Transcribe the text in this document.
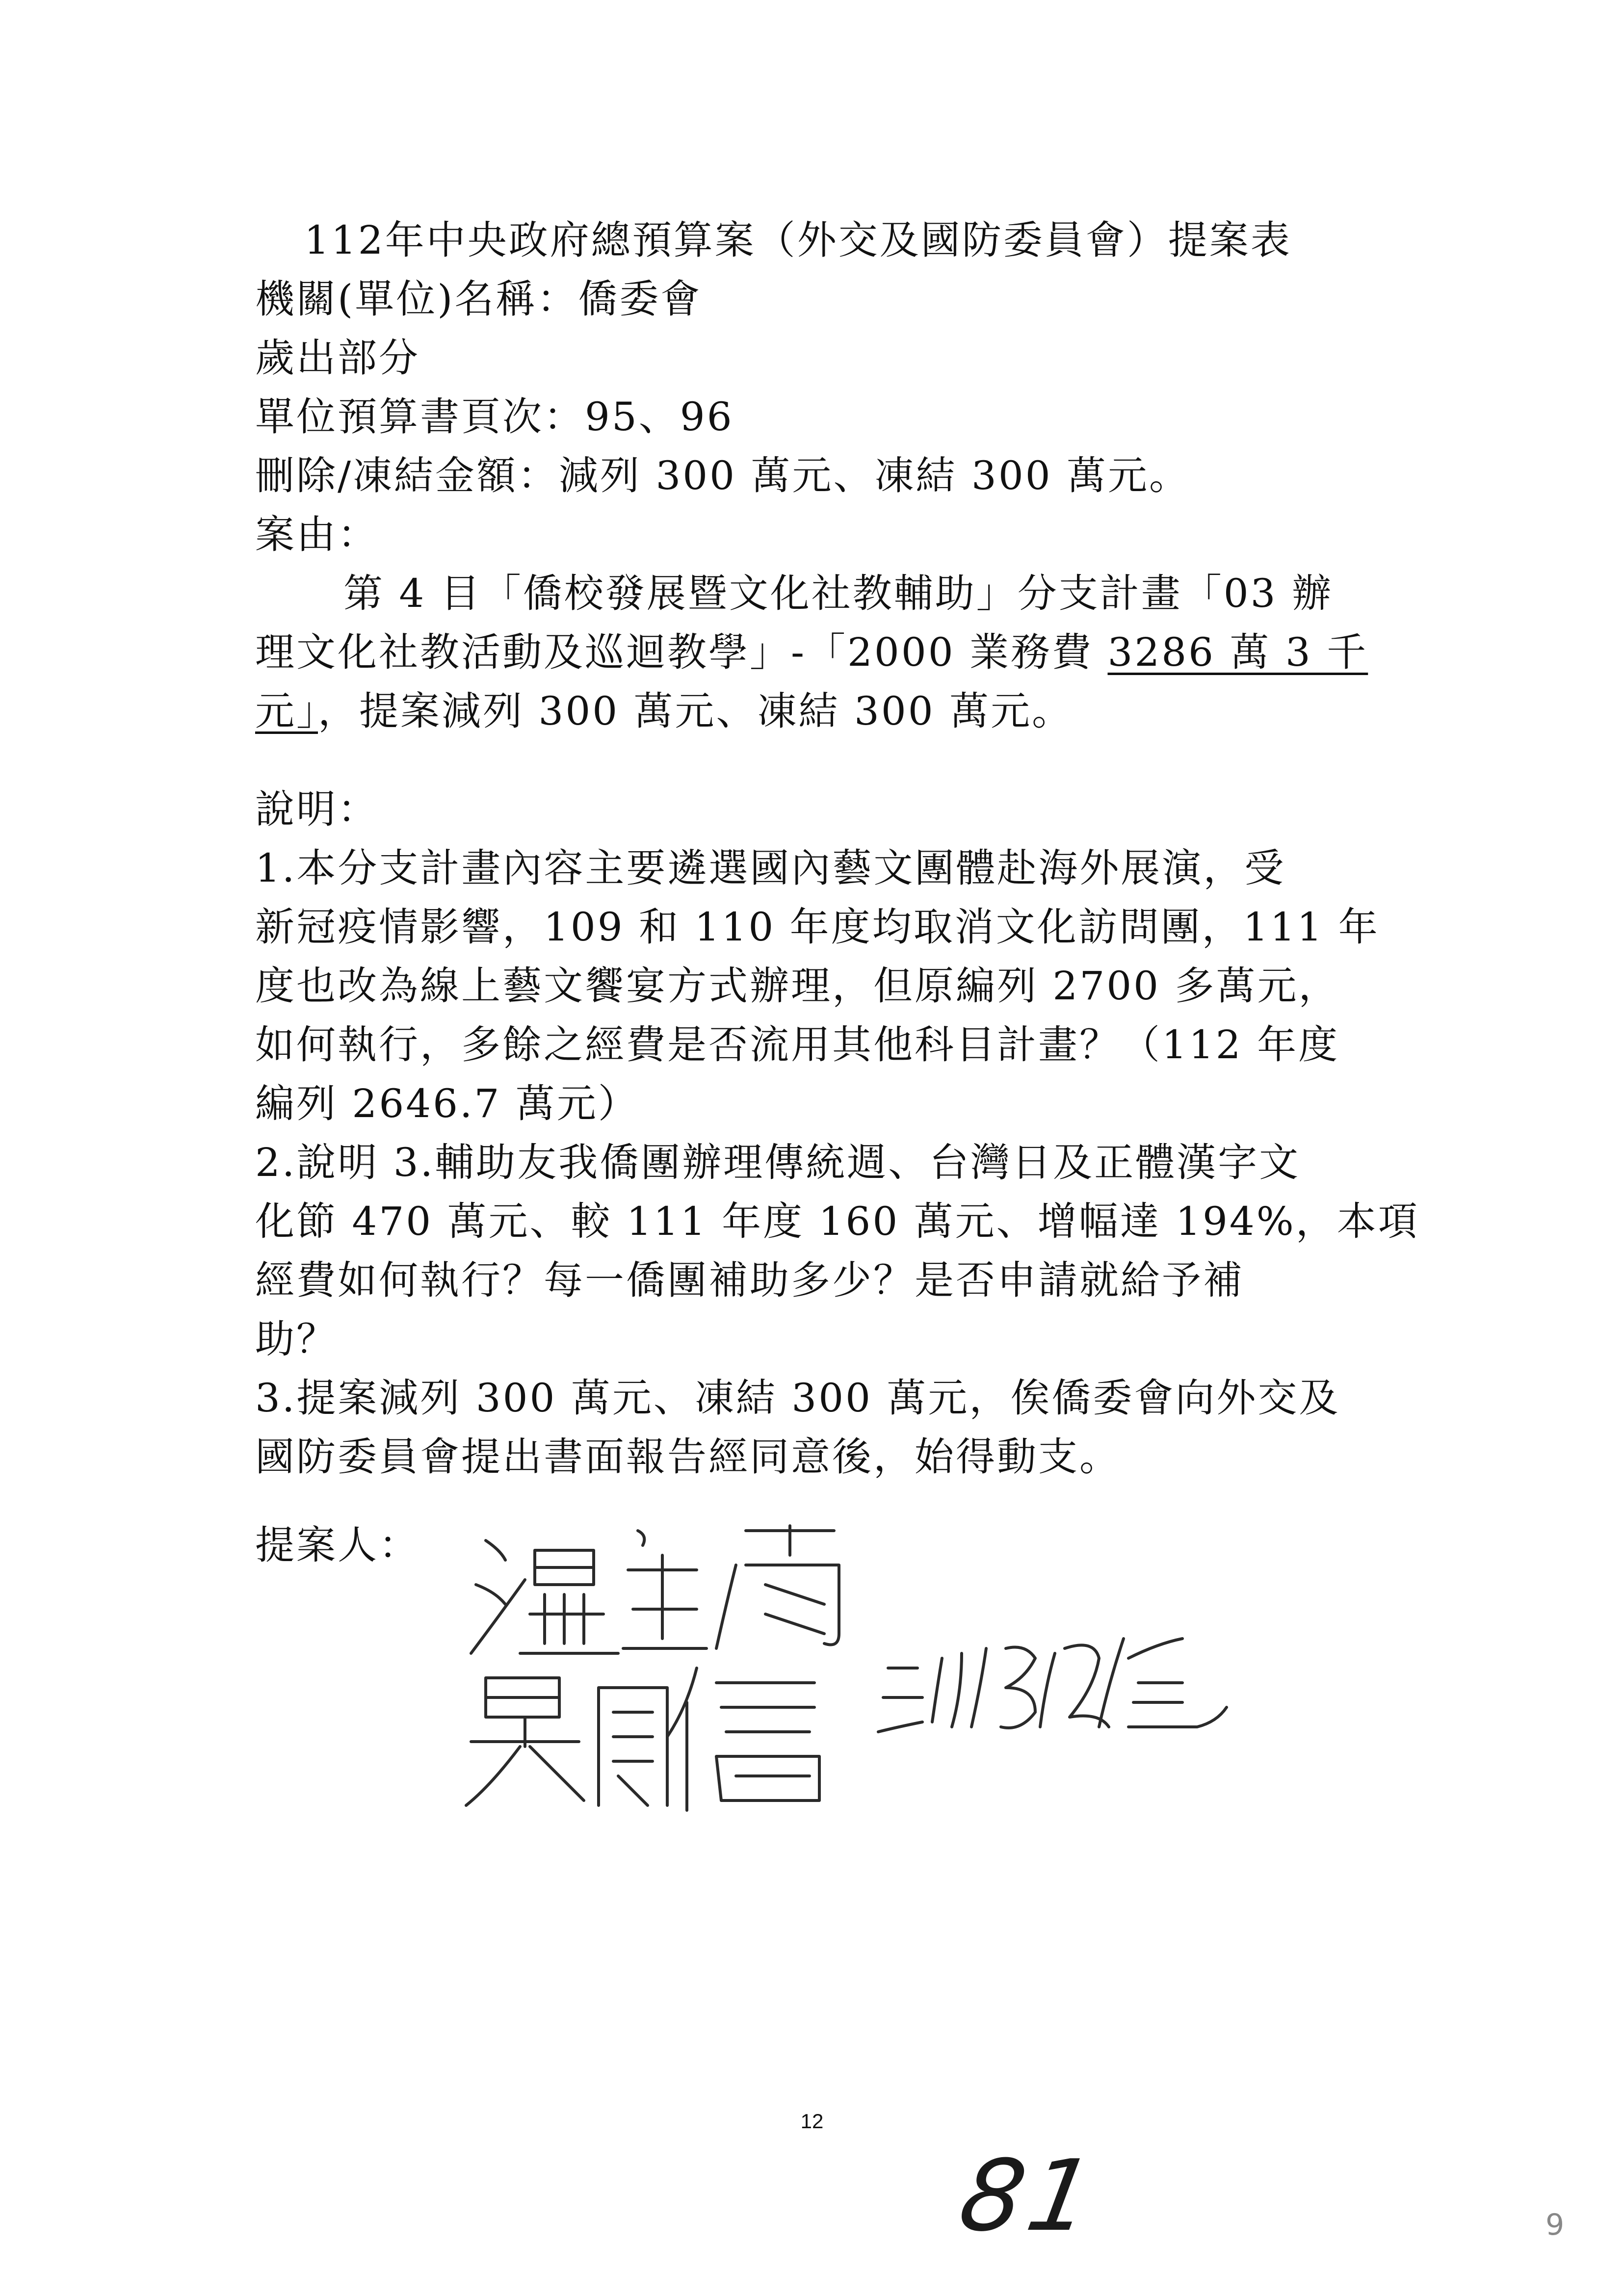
112年中央政府總預算案（外交及國防委員會）提案表
機關(單位)名稱：僑委會
歲出部分
單位預算書頁次：95、96
刪除/凍結金額：減列 300 萬元、凍結 300 萬元。
案由：
第 4 目「僑校發展暨文化社教輔助」分支計畫「03 辦
理文化社教活動及巡迴教學」-「2000 業務費 3286 萬 3 千
元」，提案減列 300 萬元、凍結 300 萬元。
說明：
1.本分支計畫內容主要遴選國內藝文團體赴海外展演，受
新冠疫情影響，109 和 110 年度均取消文化訪問團，111 年
度也改為線上藝文饗宴方式辦理，但原編列 2700 多萬元，
如何執行，多餘之經費是否流用其他科目計畫？（112 年度
編列 2646.7 萬元）
2.說明 3.輔助友我僑團辦理傳統週、台灣日及正體漢字文
化節 470 萬元、較 111 年度 160 萬元、增幅達 194%，本項
經費如何執行？每一僑團補助多少？是否申請就給予補
助？
3.提案減列 300 萬元、凍結 300 萬元，俟僑委會向外交及
國防委員會提出書面報告經同意後，始得動支。
提案人：
12
81	9
